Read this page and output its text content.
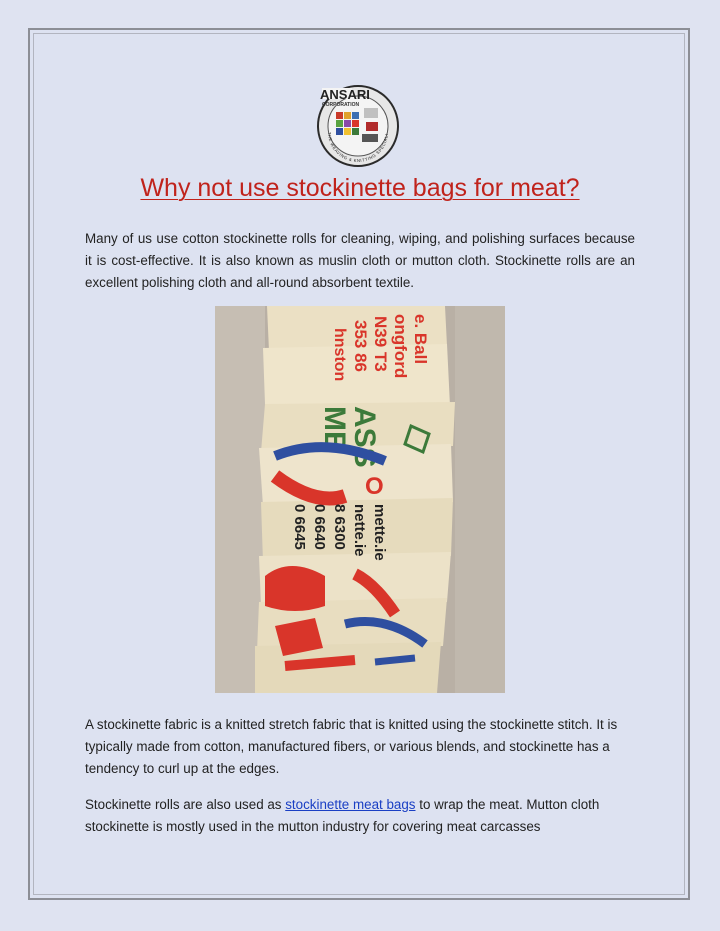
ANSARI
CORPORATION
THE WEAVING & KNITTING SPECIALI
Why not use stockinette bags for meat?

Many of us use cotton stockinette rolls for cleaning, wiping, and polishing surfaces because it is cost-effective. It is also known as muslin cloth or mutton cloth. Stockinette rolls are an excellent polishing cloth and all-round absorbent textile.

e. Ball
ongford
N39 T3
353 86
hnston
MB
ASS
O
0 6645 0 6640 8 6300 nette.ie mette.ie

A stockinette fabric is a knitted stretch fabric that is knitted using the stockinette stitch. It is typically made from cotton, manufactured fibers, or various blends, and stockinette has a tendency to curl up at the edges.

Stockinette rolls are also used as stockinette meat bags to wrap the meat. Mutton cloth stockinette is mostly used in the mutton industry for covering meat carcasses
